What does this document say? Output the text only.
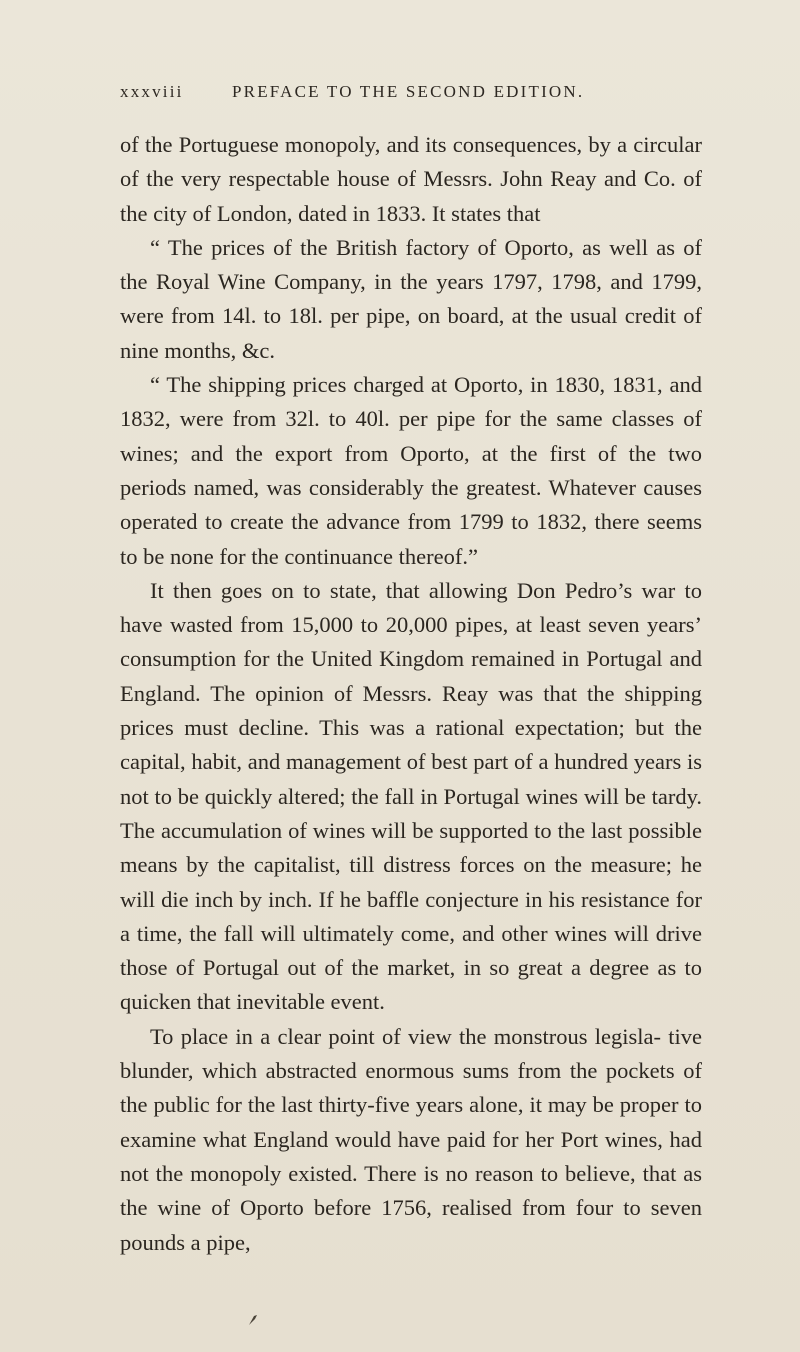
xxxviii	PREFACE TO THE SECOND EDITION.

of the Portuguese monopoly, and its consequences, by a circular of the very respectable house of Messrs. John Reay and Co. of the city of London, dated in 1833. It states that

“ The prices of the British factory of Oporto, as well as of the Royal Wine Company, in the years 1797, 1798, and 1799, were from 14l. to 18l. per pipe, on board, at the usual credit of nine months, &c.

“ The shipping prices charged at Oporto, in 1830, 1831, and 1832, were from 32l. to 40l. per pipe for the same classes of wines; and the export from Oporto, at the first of the two periods named, was considerably the greatest. Whatever causes operated to create the advance from 1799 to 1832, there seems to be none for the continuance thereof.”

It then goes on to state, that allowing Don Pedro’s war to have wasted from 15,000 to 20,000 pipes, at least seven years’ consumption for the United Kingdom remained in Portugal and England. The opinion of Messrs. Reay was that the shipping prices must decline. This was a rational expectation; but the capital, habit, and management of best part of a hundred years is not to be quickly altered; the fall in Portugal wines will be tardy. The accumulation of wines will be supported to the last possible means by the capitalist, till distress forces on the measure; he will die inch by inch. If he baffle conjecture in his resistance for a time, the fall will ultimately come, and other wines will drive those of Portugal out of the market, in so great a degree as to quicken that inevitable event.

To place in a clear point of view the monstrous legisla- tive blunder, which abstracted enormous sums from the pockets of the public for the last thirty-five years alone, it may be proper to examine what England would have paid for her Port wines, had not the monopoly existed. There is no reason to believe, that as the wine of Oporto before 1756, realised from four to seven pounds a pipe,
